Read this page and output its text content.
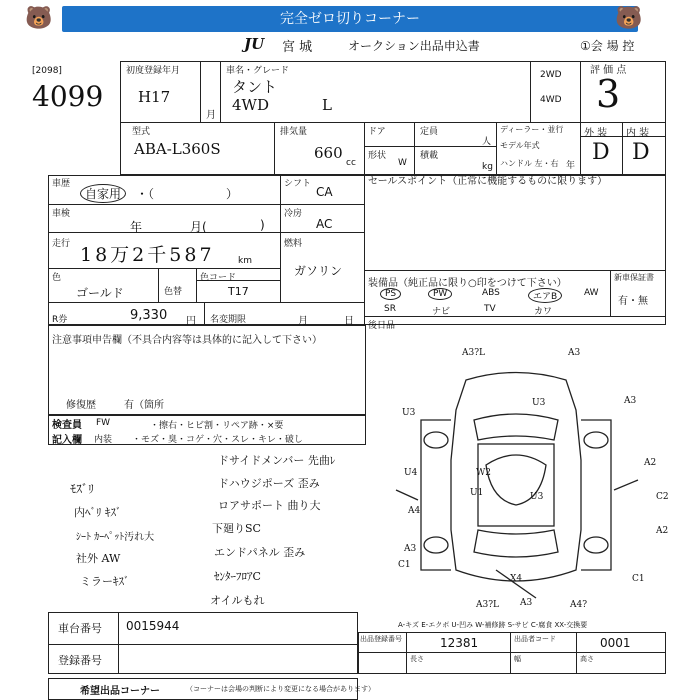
🐻	完全ゼロ切りコーナー	🐻
JU 宮 城	オークション出品申込書	①会 場 控
[2098]
4099
初度登録年月
H17
月
車名・グレード
タント
4WD	L
2WD
4WD
評 価 点
3
型式
ABA-L360S
排気量
660
cc
ドア
形状
W
定員
人
積載
kg
ディーラー・並行
モデル年式
ハンドル 左・右 年
外 装 内 装
D D
車歴
自家用	・（　　　　　　）
シフト
CA
車検
年	月(	)
冷房
AC
走行 18万2千587	km
燃料
ガソリン
色
ゴールド	色替
色コード
T17
R券	9,330 円 名変期限	月	日
セールスポイント（正常に機能するものに限ります）
装備品（純正品に限り○印をつけて下さい）
PS	PW	ABS	エアB	AW
SR	ナビ	TV	カワ
新車保証書
有・無
後日品
注意事項申告欄（不具合内容等は具体的に記入して下さい）
修復歴	有（箇所
検査員
記入欄
FW
内装
・擦右・ヒビ割・リペア跡・×要
・モズ・臭・コゲ・穴・スレ・キレ・破し
ﾓｽﾞﾘ
内ﾍﾞﾘ ｷｽﾞ
ｼｰﾄ ｶｰﾍﾟｯﾄ汚れ大
社外 AW
ミラーｷｽﾞ
ドサイドメンバー 先曲ﾚ
ドハウジポーズ 歪み
ロアサポート 曲り大
下廻りSC
エンドパネル 歪み
ｾﾝﾀｰﾌﾛｱC
オイルもれ
A3?L	A3
U3
A3
U3
A2
U3	C2
U4	W2
U1
A4
A2
A3
C1
X4	C1
A3?L A3	A4?
A-キズ E-エクボ U-凹み W-補修跡 S-サビ C-腐食 XX-交換要
車台番号 0015944
登録番号
出品登録番号	12381	出品者コード	0001
長さ	幅	高さ
希望出品コーナー	（コーナーは会場の判断により変更になる場合があります）
